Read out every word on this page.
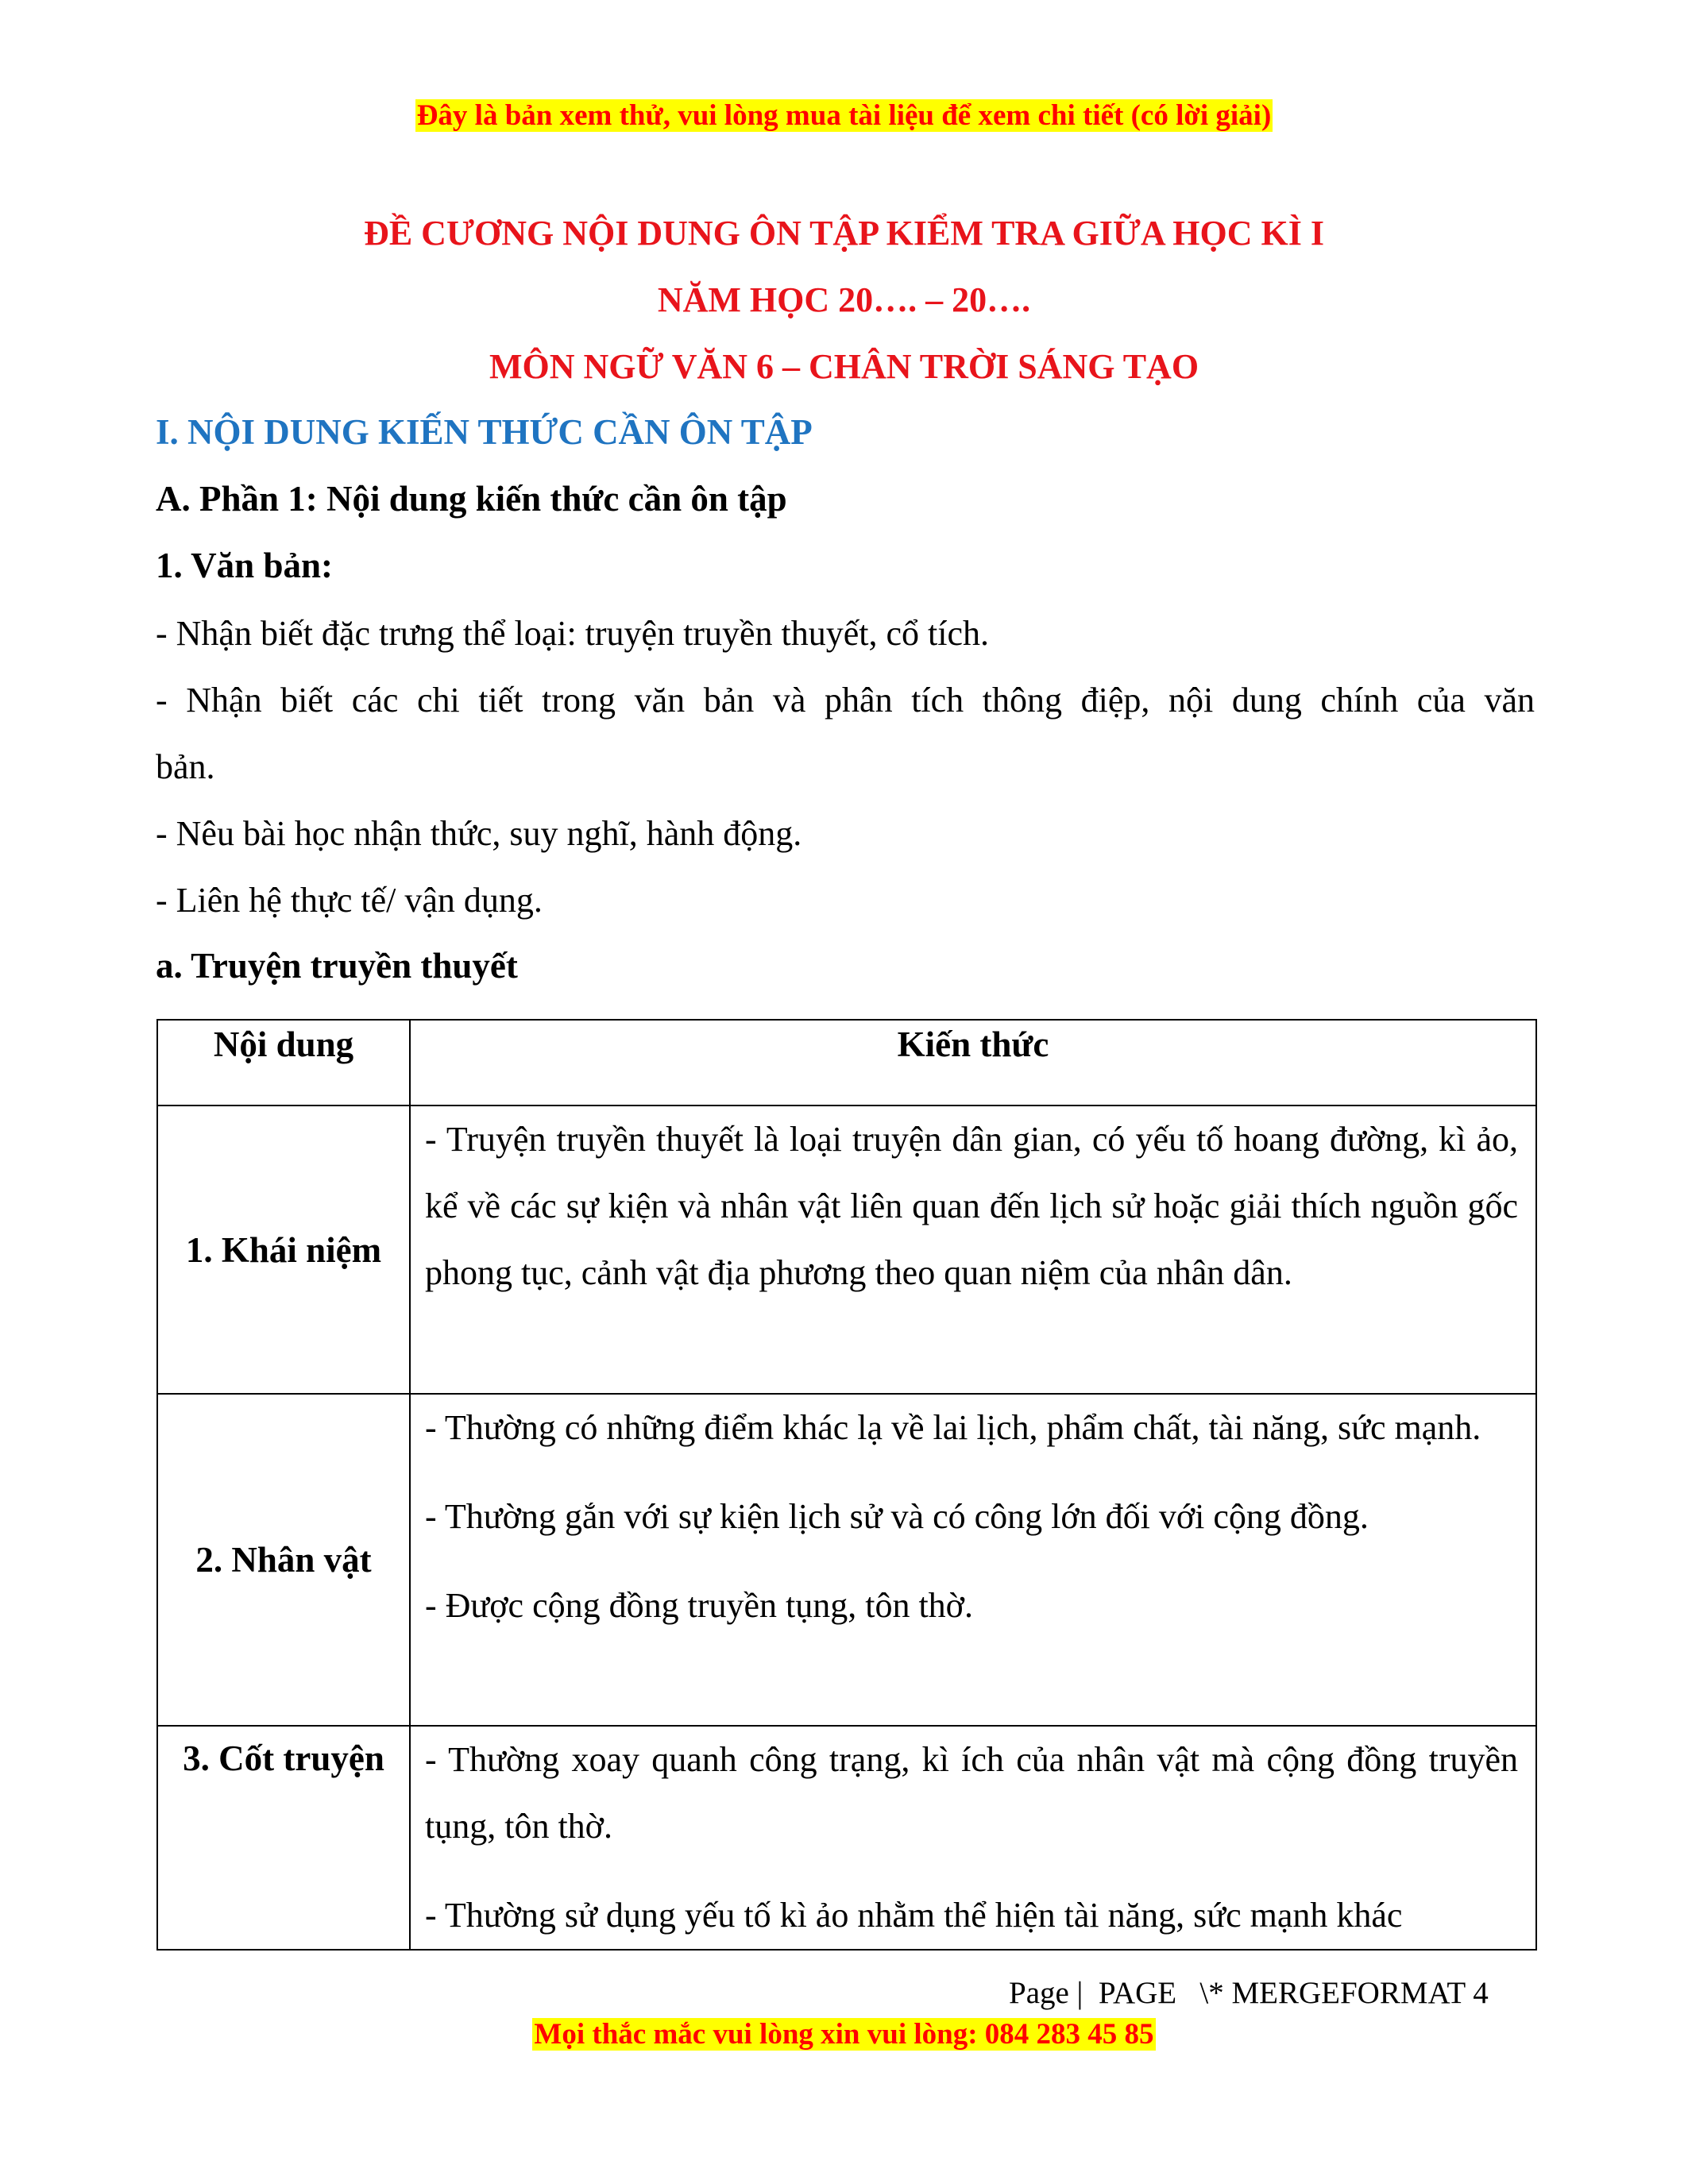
Đây là bản xem thử, vui lòng mua tài liệu để xem chi tiết (có lời giải)
ĐỀ CƯƠNG NỘI DUNG ÔN TẬP KIỂM TRA GIỮA HỌC KÌ I
NĂM HỌC 20…. – 20….
MÔN NGỮ VĂN 6 – CHÂN TRỜI SÁNG TẠO
I. NỘI DUNG KIẾN THỨC CẦN ÔN TẬP
A. Phần 1: Nội dung kiến thức cần ôn tập
1. Văn bản:
- Nhận biết đặc trưng thể loại: truyện truyền thuyết, cổ tích.
- Nhận biết các chi tiết trong văn bản và phân tích thông điệp, nội dung chính của văn
bản.
- Nêu bài học nhận thức, suy nghĩ, hành động.
- Liên hệ thực tế/ vận dụng.
a. Truyện truyền thuyết
Nội dung	Kiến thức
1. Khái niệm	- Truyện truyền thuyết là loại truyện dân gian, có yếu tố hoang đường, kì ảo, kể về các sự kiện và nhân vật liên quan đến lịch sử hoặc giải thích nguồn gốc phong tục, cảnh vật địa phương theo quan niệm của nhân dân.

2. Nhân vật	- Thường có những điểm khác lạ về lai lịch, phẩm chất, tài năng, sức mạnh.

- Thường gắn với sự kiện lịch sử và có công lớn đối với cộng đồng.

- Được cộng đồng truyền tụng, tôn thờ.

3. Cốt truyện	- Thường xoay quanh công trạng, kì ích của nhân vật mà cộng đồng truyền tụng, tôn thờ.

- Thường sử dụng yếu tố kì ảo nhằm thể hiện tài năng, sức mạnh khác

Page |  PAGE   \* MERGEFORMAT 4
Mọi thắc mắc vui lòng xin vui lòng: 084 283 45 85
